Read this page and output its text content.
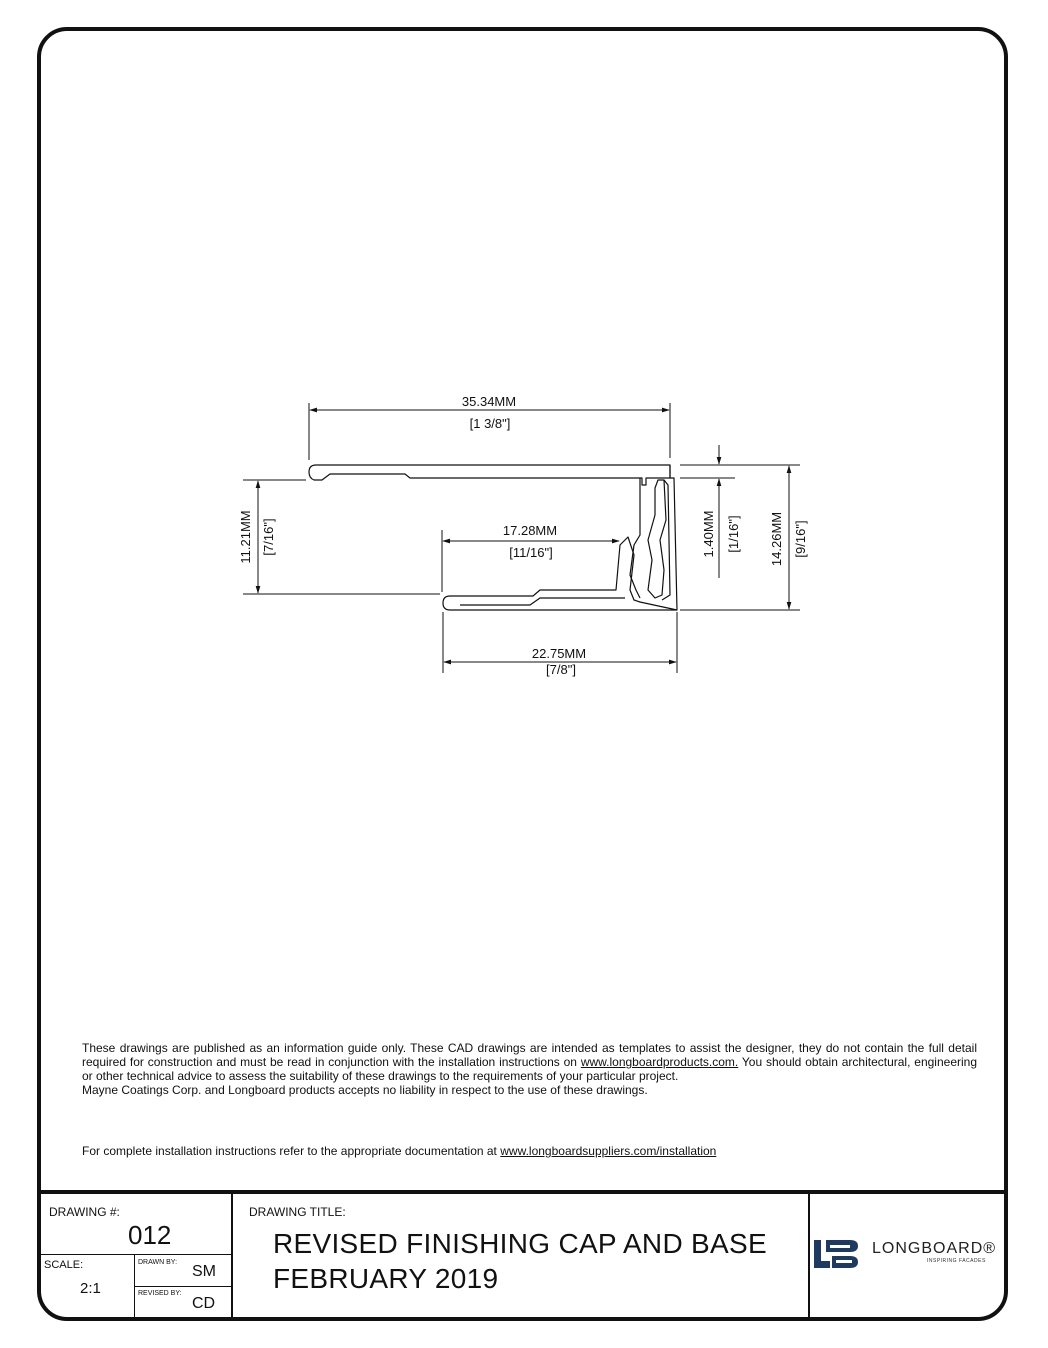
35.34MM
[1 3/8"]
11.21MM [7/16"]	17.28MM
[11/16"]
22.75MM
[7/8"]
1.40MM [1/16"] 14.26MM [9/16"]

These drawings are published as an information guide only. These CAD drawings are intended as templates to assist the designer, they do not contain the full detail required for construction and must be read in conjunction with the installation instructions on www.longboardproducts.com. You should obtain architectural, engineering or other technical advice to assess the suitability of these drawings to the requirements of your particular project.

Mayne Coatings Corp. and Longboard products accepts no liability in respect to the use of these drawings.

For complete installation instructions refer to the appropriate documentation at www.longboardsuppliers.com/installation
DRAWING #:
012
SCALE:
2:1
DRAWN BY:
SM
REVISED BY:
CD
DRAWING TITLE:
REVISED FINISHING CAP AND BASE
FEBRUARY 2019
LONGBOARD®
INSPIRING FACADES
